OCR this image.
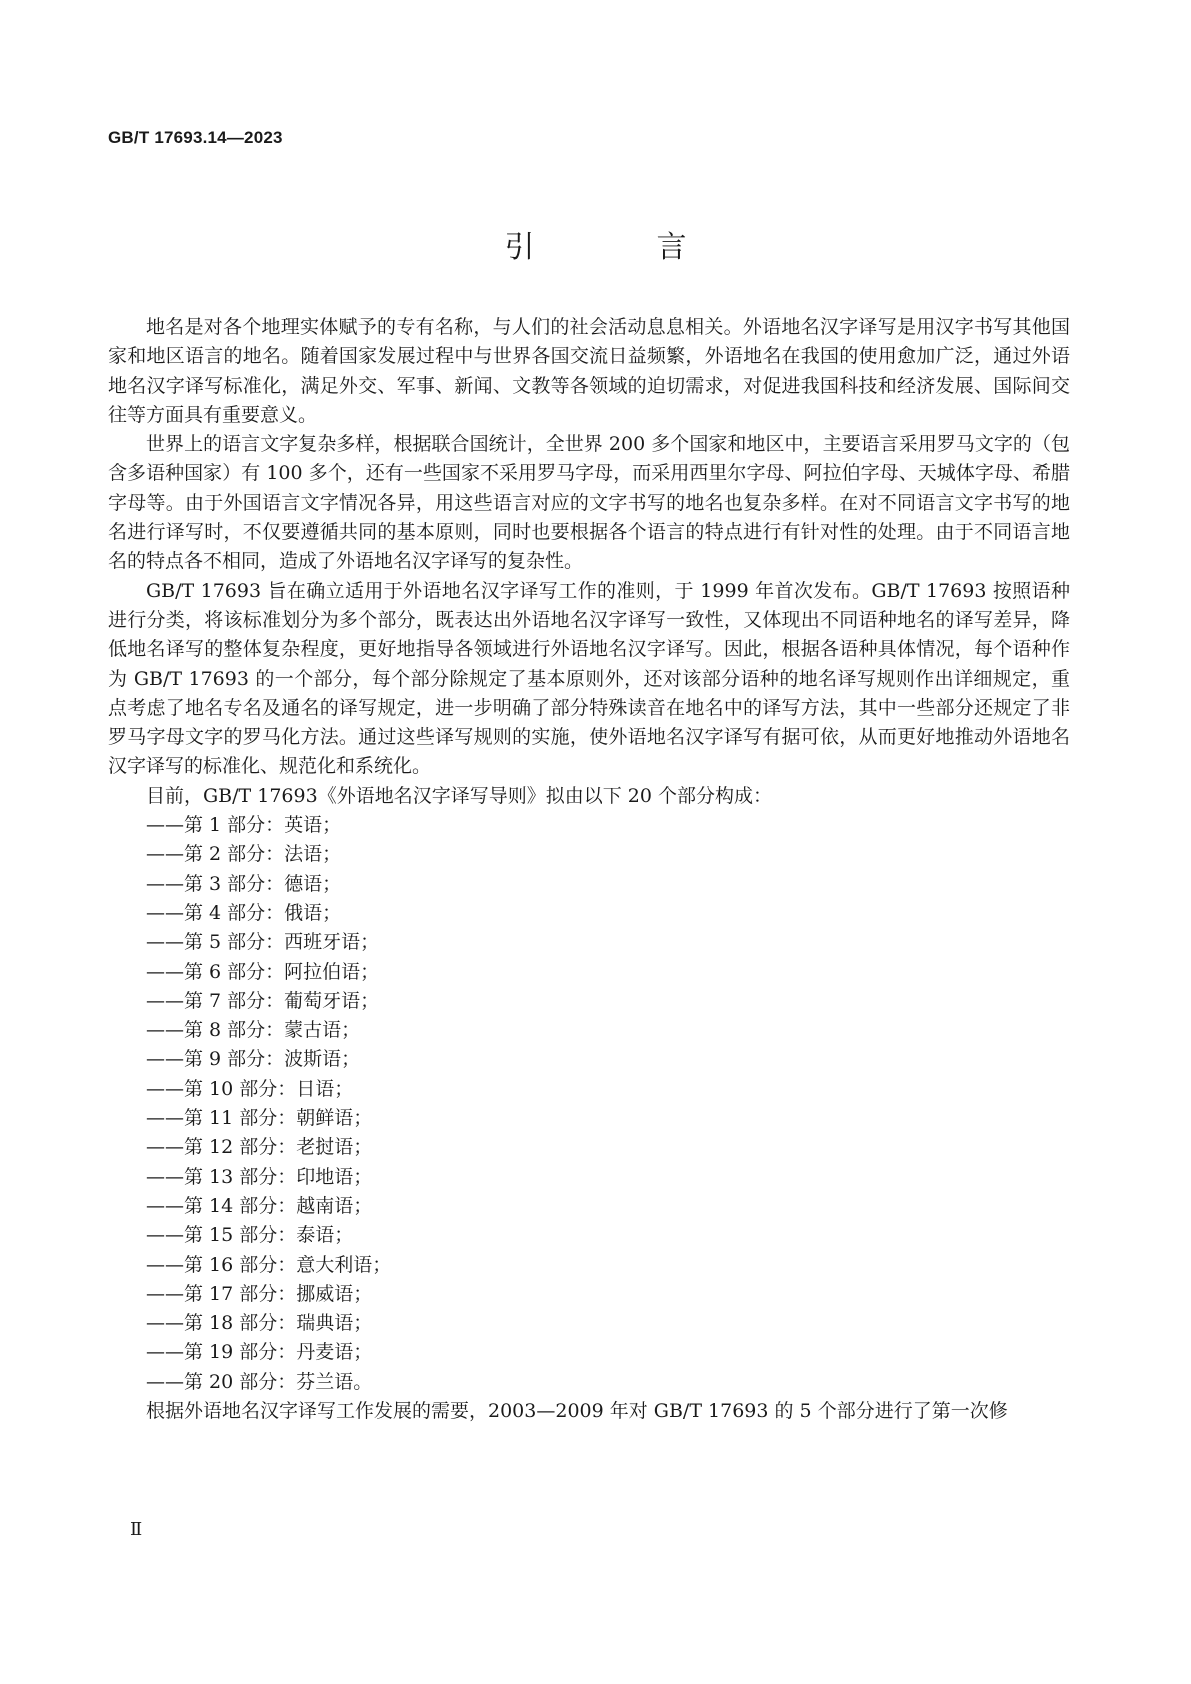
GB/T 17693.14—2023
引　言

地名是对各个地理实体赋予的专有名称，与人们的社会活动息息相关。外语地名汉字译写是用汉字书写其他国家和地区语言的地名。随着国家发展过程中与世界各国交流日益频繁，外语地名在我国的使用愈加广泛，通过外语地名汉字译写标准化，满足外交、军事、新闻、文教等各领域的迫切需求，对促进我国科技和经济发展、国际间交往等方面具有重要意义。

世界上的语言文字复杂多样，根据联合国统计，全世界 200 多个国家和地区中，主要语言采用罗马文字的（包含多语种国家）有 100 多个，还有一些国家不采用罗马字母，而采用西里尔字母、阿拉伯字母、天城体字母、希腊字母等。由于外国语言文字情况各异，用这些语言对应的文字书写的地名也复杂多样。在对不同语言文字书写的地名进行译写时，不仅要遵循共同的基本原则，同时也要根据各个语言的特点进行有针对性的处理。由于不同语言地名的特点各不相同，造成了外语地名汉字译写的复杂性。

GB/T 17693 旨在确立适用于外语地名汉字译写工作的准则，于 1999 年首次发布。GB/T 17693 按照语种进行分类，将该标准划分为多个部分，既表达出外语地名汉字译写一致性，又体现出不同语种地名的译写差异，降低地名译写的整体复杂程度，更好地指导各领域进行外语地名汉字译写。因此，根据各语种具体情况，每个语种作为 GB/T 17693 的一个部分，每个部分除规定了基本原则外，还对该部分语种的地名译写规则作出详细规定，重点考虑了地名专名及通名的译写规定，进一步明确了部分特殊读音在地名中的译写方法，其中一些部分还规定了非罗马字母文字的罗马化方法。通过这些译写规则的实施，使外语地名汉字译写有据可依，从而更好地推动外语地名汉字译写的标准化、规范化和系统化。

目前，GB/T 17693《外语地名汉字译写导则》拟由以下 20 个部分构成：

——第 1 部分：英语；
——第 2 部分：法语；
——第 3 部分：德语；
——第 4 部分：俄语；
——第 5 部分：西班牙语；
——第 6 部分：阿拉伯语；
——第 7 部分：葡萄牙语；
——第 8 部分：蒙古语；
——第 9 部分：波斯语；
——第 10 部分：日语；
——第 11 部分：朝鲜语；
——第 12 部分：老挝语；
——第 13 部分：印地语；
——第 14 部分：越南语；
——第 15 部分：泰语；
——第 16 部分：意大利语；
——第 17 部分：挪威语；
——第 18 部分：瑞典语；
——第 19 部分：丹麦语；
——第 20 部分：芬兰语。

根据外语地名汉字译写工作发展的需要，2003—2009 年对 GB/T 17693 的 5 个部分进行了第一次修

Ⅱ
